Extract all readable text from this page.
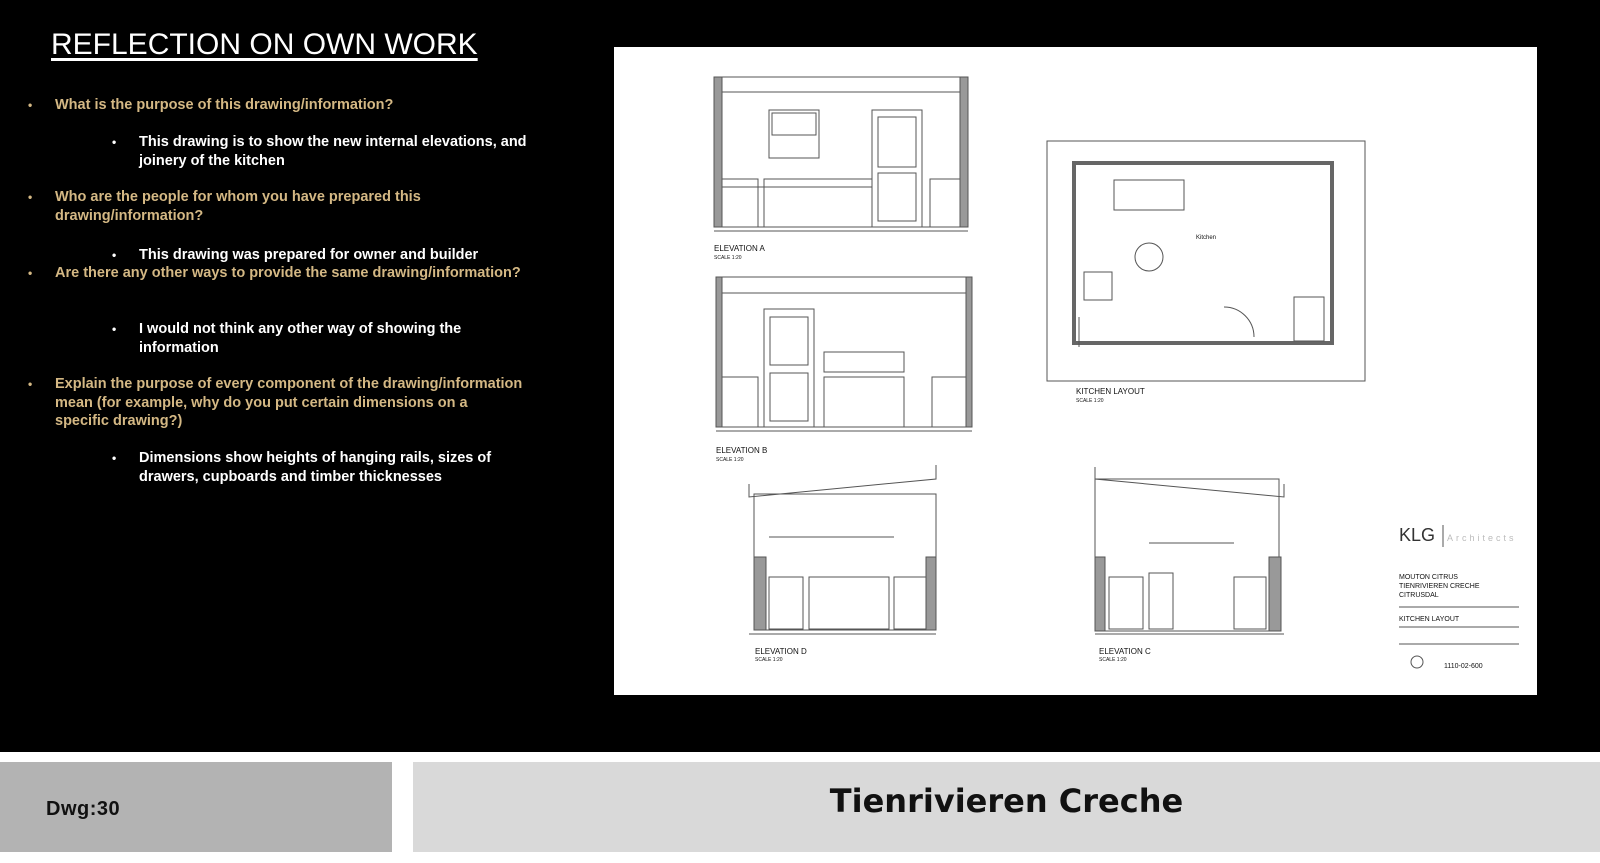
REFLECTION ON OWN WORK
• What is the purpose of this drawing/information?
• This drawing is to show the new internal elevations, and joinery of the kitchen
• Who are the people for whom you have prepared this drawing/information?
• This drawing was prepared for owner and builder
• Are there any other ways to provide the same drawing/information?
• I would not think any other way of showing the information
• Explain the purpose of every component of the drawing/information mean (for example, why do you put certain dimensions on a specific drawing?)
• Dimensions show heights of hanging rails, sizes of drawers, cupboards and timber thicknesses
ELEVATION A
SCALE 1:20
ELEVATION B
SCALE 1:20
KITCHEN LAYOUT
SCALE 1:20
Kitchen
ELEVATION D
SCALE 1:20
ELEVATION C
SCALE 1:20
KLG Architects
MOUTON CITRUS
TIENRIVIEREN CRECHE
CITRUSDAL
KITCHEN LAYOUT
1110-02-600
Dwg:30	Tienrivieren Creche
